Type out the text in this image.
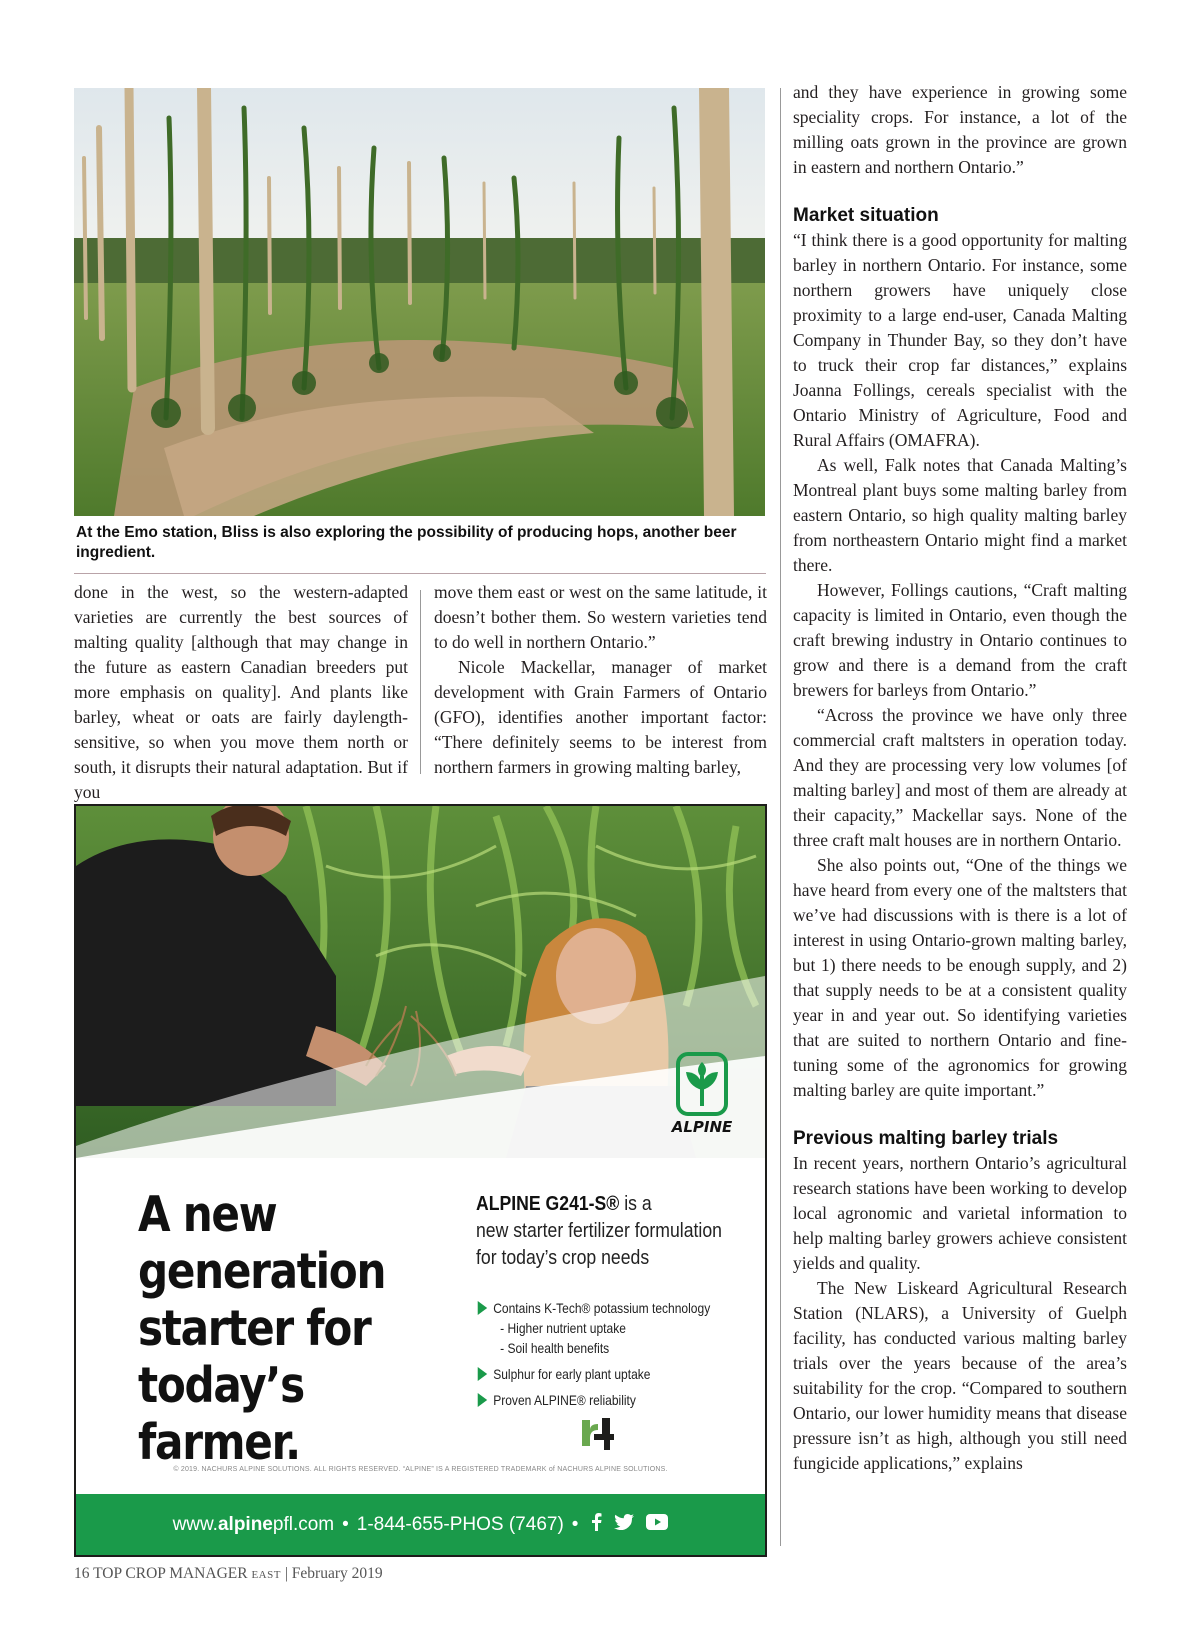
At the Emo station, Bliss is also exploring the possibility of producing hops, another beer ingredient.

done in the west, so the western-adapted varieties are currently the best sources of malting quality [although that may change in the future as eastern Canadian breeders put more emphasis on quality]. And plants like barley, wheat or oats are fairly daylength-sensitive, so when you move them north or south, it disrupts their natural adaptation. But if you

move them east or west on the same latitude, it doesn’t bother them. So western varieties tend to do well in northern Ontario.”

Nicole Mackellar, manager of market development with Grain Farmers of Ontario (GFO), identifies another important factor: “There definitely seems to be interest from northern farmers in growing malting barley,

and they have experience in growing some speciality crops. For instance, a lot of the milling oats grown in the province are grown in eastern and northern Ontario.”

Market situation

“I think there is a good opportunity for malting barley in northern Ontario. For instance, some northern growers have uniquely close proximity to a large end-user, Canada Malting Company in Thunder Bay, so they don’t have to truck their crop far distances,” explains Joanna Follings, cereals specialist with the Ontario Ministry of Agriculture, Food and Rural Affairs (OMAFRA).

As well, Falk notes that Canada Malting’s Montreal plant buys some malting barley from eastern Ontario, so high quality malting barley from northeastern Ontario might find a market there.

However, Follings cautions, “Craft malting capacity is limited in Ontario, even though the craft brewing industry in Ontario continues to grow and there is a demand from the craft brewers for barleys from Ontario.”

“Across the province we have only three commercial craft maltsters in operation today. And they are processing very low volumes [of malting barley] and most of them are already at their capacity,” Mackellar says. None of the three craft malt houses are in northern Ontario.

She also points out, “One of the things we have heard from every one of the maltsters that we’ve had discussions with is there is a lot of interest in using Ontario-grown malting barley, but 1) there needs to be enough supply, and 2) that supply needs to be at a consistent quality year in and year out. So identifying varieties that are suited to northern Ontario and fine-tuning some of the agronomics for growing malting barley are quite important.”

Previous malting barley trials

In recent years, northern Ontario’s agricultural research stations have been working to develop local agronomic and varietal information to help malting barley growers achieve consistent yields and quality.

The New Liskeard Agricultural Research Station (NLARS), a University of Guelph facility, has conducted various malting barley trials over the years because of the area’s suitability for the crop. “Compared to southern Ontario, our lower humidity means that disease pressure isn’t as high, although you still need fungicide applications,” explains

ALPINE
A new
generation
starter for
today’s farmer.
ALPINE G241-S® is a
new starter fertilizer formulation
for today’s crop needs
Contains K-Tech® potassium technology
- Higher nutrient uptake
- Soil health benefits
Sulphur for early plant uptake
Proven ALPINE® reliability
© 2019. NACHURS ALPINE SOLUTIONS. ALL RIGHTS RESERVED. “ALPINE” IS A REGISTERED TRADEMARK of NACHURS ALPINE SOLUTIONS.
www.alpinepfl.com • 1-844-655-PHOS (7467) •
16 TOP CROP MANAGER EAST | February 2019
